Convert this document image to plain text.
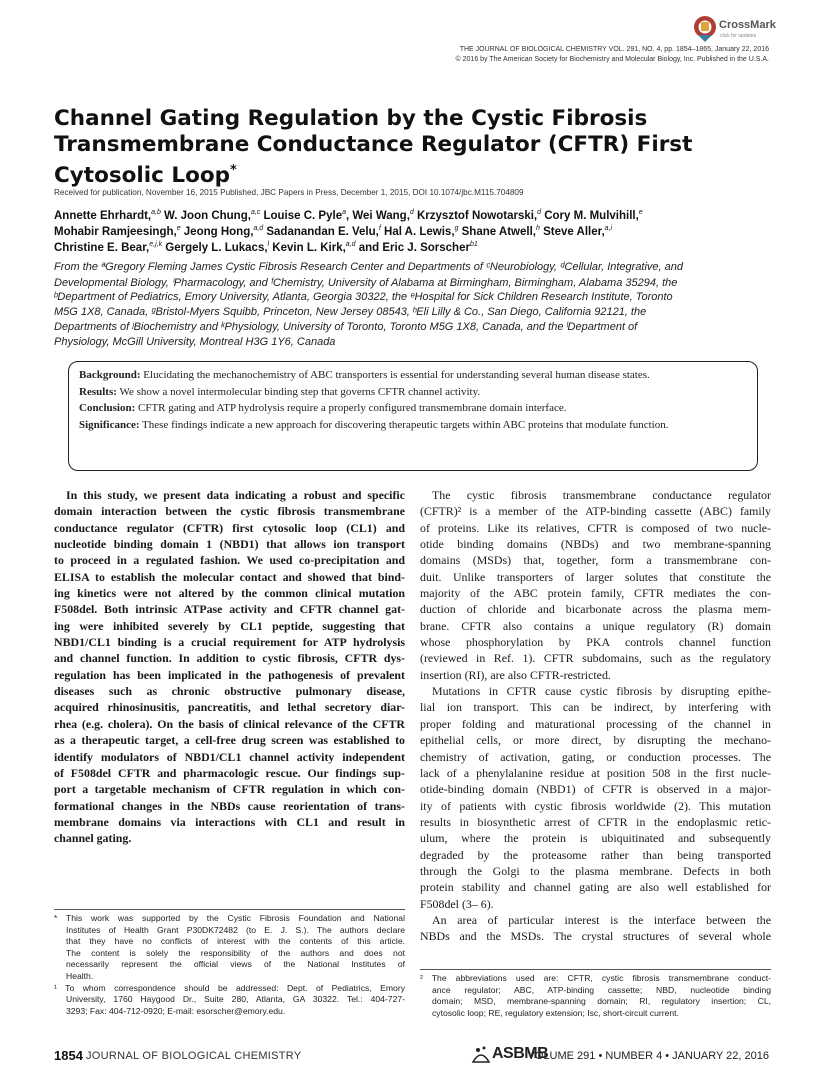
CrossMark
click for updates
THE JOURNAL OF BIOLOGICAL CHEMISTRY VOL. 291, NO. 4, pp. 1854–1865, January 22, 2016
© 2016 by The American Society for Biochemistry and Molecular Biology, Inc. Published in the U.S.A.
Channel Gating Regulation by the Cystic Fibrosis
Transmembrane Conductance Regulator (CFTR) First
Cytosolic Loop*
Received for publication, November 16, 2015 Published, JBC Papers in Press, December 1, 2015, DOI 10.1074/jbc.M115.704809
Annette Ehrhardt,$^{a,b}$ W. Joon Chung,$^{a,c}$ Louise C. Pyle$^a$, Wei Wang,$^d$ Krzysztof Nowotarski,$^d$ Cory M. Mulvihill,$^e$
Mohabir Ramjeesingh,$^e$ Jeong Hong,$^{a,d}$ Sadanandan E. Velu,$^f$ Hal A. Lewis,$^g$ Shane Atwell,$^h$ Steve Aller,$^{a,i}$
Christine E. Bear,$^{e,j,k}$ Gergely L. Lukacs,$^l$ Kevin L. Kirk,$^{a,d}$ and Eric J. Sorscher$^{b1}$
From the ªGregory Fleming James Cystic Fibrosis Research Center and Departments of ᶜNeurobiology, ᵈCellular, Integrative, and
Developmental Biology, ⁱPharmacology, and ᶠChemistry, University of Alabama at Birmingham, Birmingham, Alabama 35294, the
ᵇDepartment of Pediatrics, Emory University, Atlanta, Georgia 30322, the ᵉHospital for Sick Children Research Institute, Toronto
M5G 1X8, Canada, ᵍBristol-Myers Squibb, Princeton, New Jersey 08543, ʰEli Lilly & Co., San Diego, California 92121, the
Departments of ʲBiochemistry and ᵏPhysiology, University of Toronto, Toronto M5G 1X8, Canada, and the ˡDepartment of
Physiology, McGill University, Montreal H3G 1Y6, Canada

Background: Elucidating the mechanochemistry of ABC transporters is essential for understanding several human disease states.

Results: We show a novel intermolecular binding step that governs CFTR channel activity.

Conclusion: CFTR gating and ATP hydrolysis require a properly configured transmembrane domain interface.

Significance: These findings indicate a new approach for discovering therapeutic targets within ABC proteins that modulate function.

In this study, we present data indicating a robust and specific
domain interaction between the cystic fibrosis transmembrane
conductance regulator (CFTR) first cytosolic loop (CL1) and
nucleotide binding domain 1 (NBD1) that allows ion transport
to proceed in a regulated fashion. We used co-precipitation and
ELISA to establish the molecular contact and showed that bind-
ing kinetics were not altered by the common clinical mutation
F508del. Both intrinsic ATPase activity and CFTR channel gat-
ing were inhibited severely by CL1 peptide, suggesting that
NBD1/CL1 binding is a crucial requirement for ATP hydrolysis
and channel function. In addition to cystic fibrosis, CFTR dys-
regulation has been implicated in the pathogenesis of prevalent
diseases such as chronic obstructive pulmonary disease,
acquired rhinosinusitis, pancreatitis, and lethal secretory diar-
rhea (e.g. cholera). On the basis of clinical relevance of the CFTR
as a therapeutic target, a cell-free drug screen was established to
identify modulators of NBD1/CL1 channel activity independent
of F508del CFTR and pharmacologic rescue. Our findings sup-
port a targetable mechanism of CFTR regulation in which con-
formational changes in the NBDs cause reorientation of trans-
membrane domains via interactions with CL1 and result in
channel gating.
The cystic fibrosis transmembrane conductance regulator
(CFTR)² is a member of the ATP-binding cassette (ABC) family
of proteins. Like its relatives, CFTR is composed of two nucle-
otide binding domains (NBDs) and two membrane-spanning
domains (MSDs) that, together, form a transmembrane con-
duit. Unlike transporters of larger solutes that constitute the
majority of the ABC protein family, CFTR mediates the con-
duction of chloride and bicarbonate across the plasma mem-
brane. CFTR also contains a unique regulatory (R) domain
whose phosphorylation by PKA controls channel function
(reviewed in Ref. 1). CFTR subdomains, such as the regulatory
insertion (RI), are also CFTR-restricted.
Mutations in CFTR cause cystic fibrosis by disrupting epithe-
lial ion transport. This can be indirect, by interfering with
proper folding and maturational processing of the channel in
epithelial cells, or more direct, by disrupting the mechano-
chemistry of activation, gating, or conduction processes. The
lack of a phenylalanine residue at position 508 in the first nucle-
otide-binding domain (NBD1) of CFTR is observed in a major-
ity of patients with cystic fibrosis worldwide (2). This mutation
results in biosynthetic arrest of CFTR in the endoplasmic retic-
ulum, where the protein is ubiquitinated and subsequently
degraded by the proteasome rather than being transported
through the Golgi to the plasma membrane. Defects in both
protein stability and channel gating are also well established for
F508del (3– 6).
An area of particular interest is the interface between the
NBDs and the MSDs. The crystal structures of several whole
* This work was supported by the Cystic Fibrosis Foundation and National
Institutes of Health Grant P30DK72482 (to E. J. S.). The authors declare
that they have no conflicts of interest with the contents of this article.
The content is solely the responsibility of the authors and does not
necessarily represent the official views of the National Institutes of
Health.
¹ To whom correspondence should be addressed: Dept. of Pediatrics, Emory
University, 1760 Haygood Dr., Suite 280, Atlanta, GA 30322. Tel.: 404-727-
3293; Fax: 404-712-0920; E-mail: esorscher@emory.edu.
² The abbreviations used are: CFTR, cystic fibrosis transmembrane conduct-
ance regulator; ABC, ATP-binding cassette; NBD, nucleotide binding
domain; MSD, membrane-spanning domain; RI, regulatory insertion; CL,
cytosolic loop; RE, regulatory extension; Isc, short-circuit current.
1854 JOURNAL OF BIOLOGICAL CHEMISTRY	ASBMB
VOLUME 291 • NUMBER 4 • JANUARY 22, 2016
